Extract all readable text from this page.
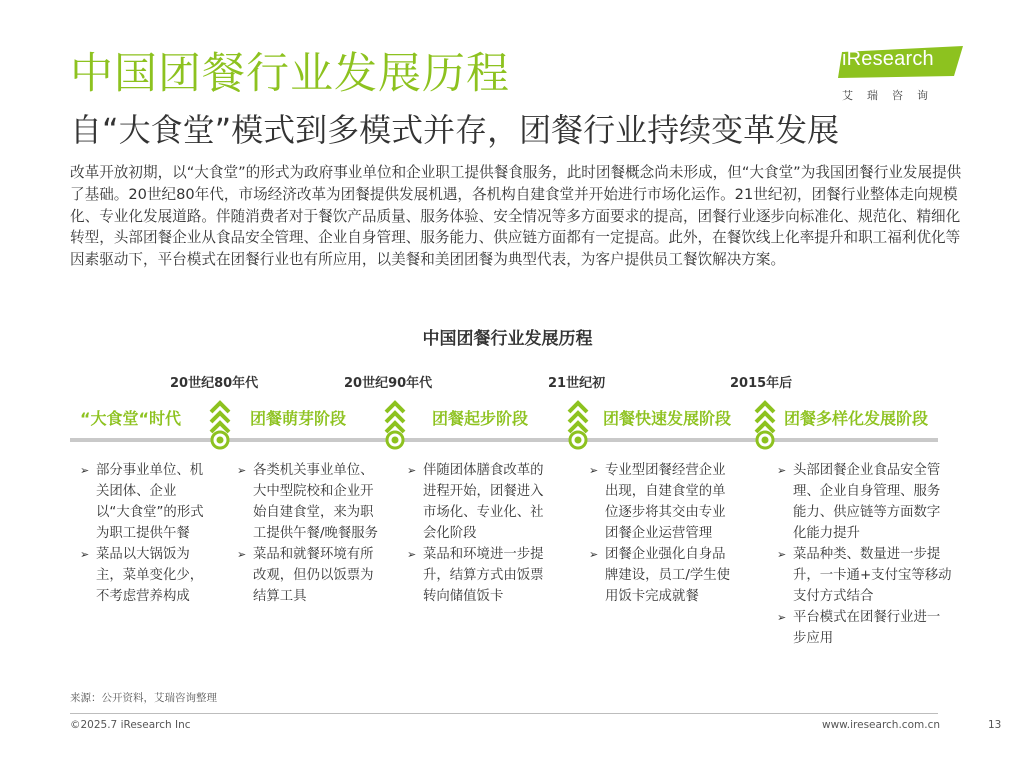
中国团餐行业发展历程
自“大食堂”模式到多模式并存，团餐行业持续变革发展
iResearch
艾瑞咨询
改革开放初期，以“大食堂”的形式为政府事业单位和企业职工提供餐食服务，此时团餐概念尚未形成，但“大食堂”为我国团餐行业发展提供了基础。20世纪80年代，市场经济改革为团餐提供发展机遇，各机构自建食堂并开始进行市场化运作。21世纪初，团餐行业整体走向规模化、专业化发展道路。伴随消费者对于餐饮产品质量、服务体验、安全情况等多方面要求的提高，团餐行业逐步向标准化、规范化、精细化转型，头部团餐企业从食品安全管理、企业自身管理、服务能力、供应链方面都有一定提高。此外，在餐饮线上化率提升和职工福利优化等因素驱动下，平台模式在团餐行业也有所应用，以美餐和美团团餐为典型代表，为客户提供员工餐饮解决方案。
中国团餐行业发展历程
20世纪80年代	20世纪90年代	21世纪初	2015年后
“大食堂“时代	团餐萌芽阶段	团餐起步阶段	团餐快速发展阶段	团餐多样化发展阶段
➢ 部分事业单位、机关团体、企业以“大食堂”的形式为职工提供午餐
➢ 菜品以大锅饭为主，菜单变化少，不考虑营养构成
➢ 各类机关事业单位、大中型院校和企业开始自建食堂，来为职工提供午餐/晚餐服务
➢ 菜品和就餐环境有所改观，但仍以饭票为结算工具
➢ 伴随团体膳食改革的进程开始，团餐进入市场化、专业化、社会化阶段
➢ 菜品和环境进一步提升，结算方式由饭票转向储值饭卡
➢ 专业型团餐经营企业出现，自建食堂的单位逐步将其交由专业团餐企业运营管理
➢ 团餐企业强化自身品牌建设，员工/学生使用饭卡完成就餐
➢ 头部团餐企业食品安全管理、企业自身管理、服务能力、供应链等方面数字化能力提升
➢ 菜品种类、数量进一步提升，一卡通+支付宝等移动支付方式结合
➢ 平台模式在团餐行业进一步应用
来源：公开资料，艾瑞咨询整理
©2025.7 iResearch Inc	www.iresearch.com.cn	13
